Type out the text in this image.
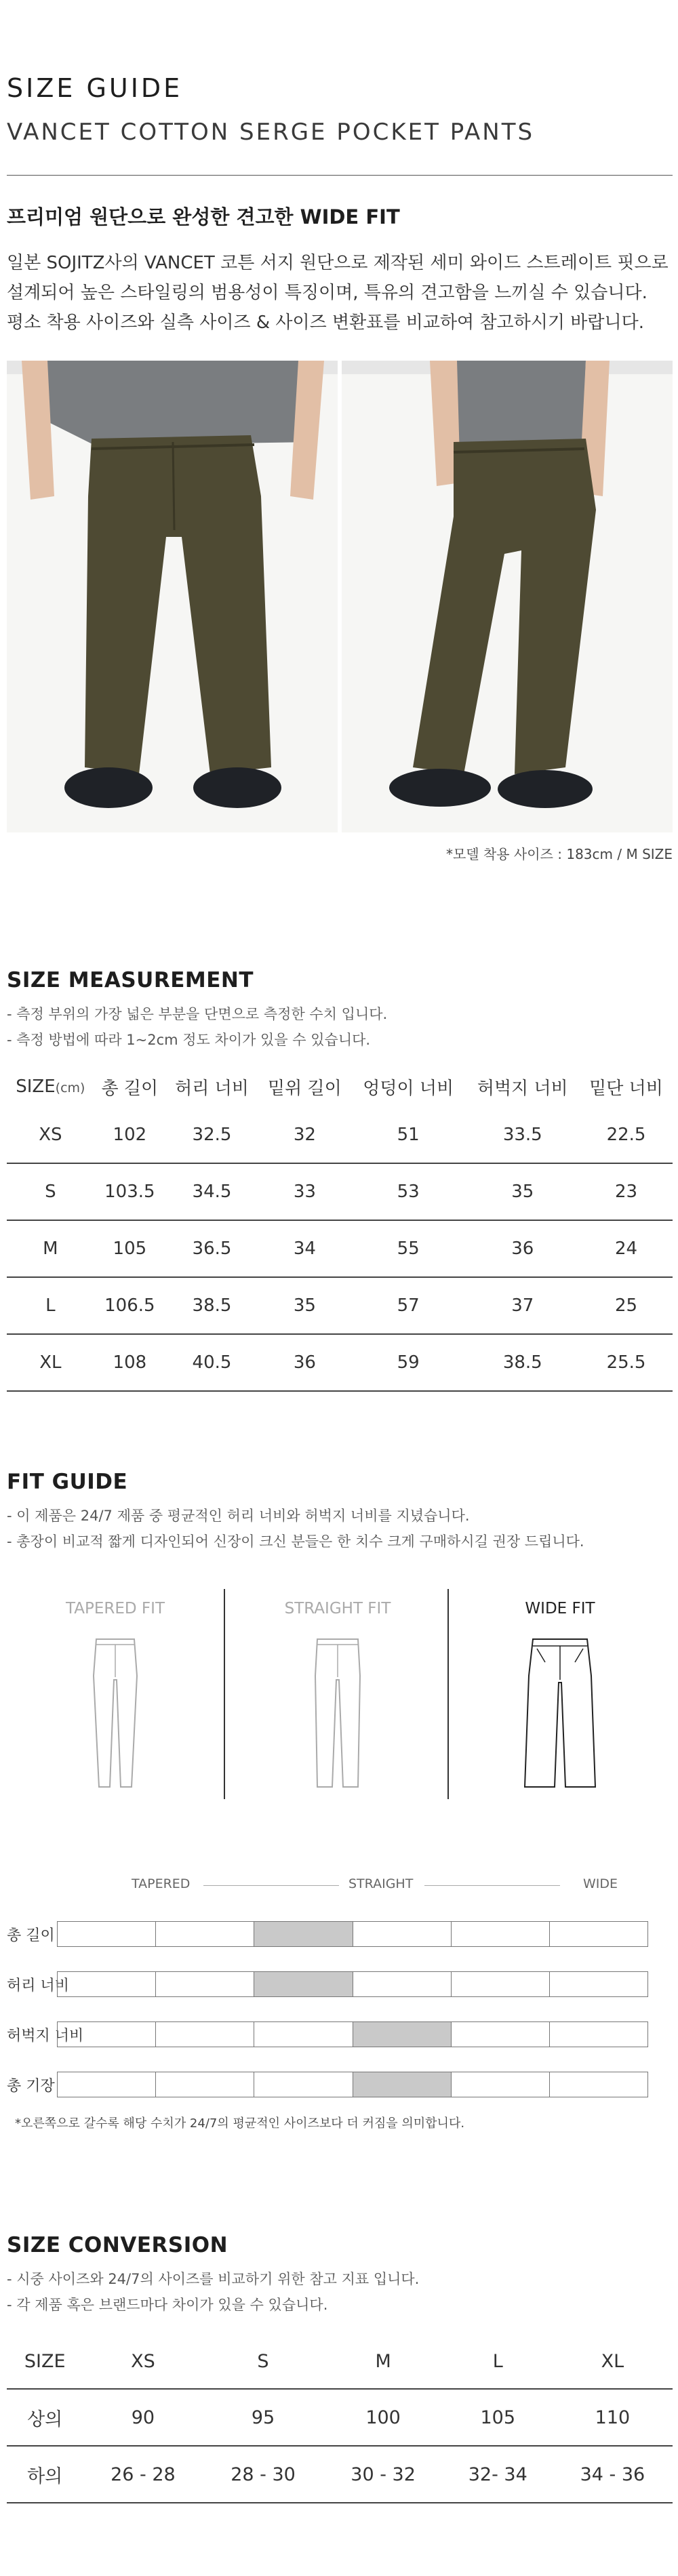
SIZE GUIDE
VANCET COTTON SERGE POCKET PANTS
프리미엄 원단으로 완성한 견고한 WIDE FIT
일본 SOJITZ사의 VANCET 코튼 서지 원단으로 제작된 세미 와이드 스트레이트 핏으로
설계되어 높은 스타일링의 범용성이 특징이며, 특유의 견고함을 느끼실 수 있습니다.
평소 착용 사이즈와 실측 사이즈 & 사이즈 변환표를 비교하여 참고하시기 바랍니다.
*모델 착용 사이즈 : 183cm / M SIZE
SIZE MEASUREMENT
- 측정 부위의 가장 넓은 부분을 단면으로 측정한 수치 입니다.
- 측정 방법에 따라 1~2cm 정도 차이가 있을 수 있습니다.
SIZE(cm)	총 길이	허리 너비	밑위 길이	엉덩이 너비	허벅지 너비	밑단 너비
XS	102	32.5	32	51	33.5	22.5
S	103.5	34.5	33	53	35	23
M	105	36.5	34	55	36	24
L	106.5	38.5	35	57	37	25
XL	108	40.5	36	59	38.5	25.5
FIT GUIDE
- 이 제품은 24/7 제품 중 평균적인 허리 너비와 허벅지 너비를 지녔습니다.
- 총장이 비교적 짧게 디자인되어 신장이 크신 분들은 한 치수 크게 구매하시길 권장 드립니다.
TAPERED FIT	STRAIGHT FIT	WIDE FIT
TAPERED	STRAIGHT	WIDE
총 길이
허리 너비
허벅지 너비
총 기장
*오른쪽으로 갈수록 해당 수치가 24/7의 평균적인 사이즈보다 더 커짐을 의미합니다.
SIZE CONVERSION
- 시중 사이즈와 24/7의 사이즈를 비교하기 위한 참고 지표 입니다.
- 각 제품 혹은 브랜드마다 차이가 있을 수 있습니다.
SIZE	XS	S	M	L	XL
상의	90	95	100	105	110
하의	26 - 28	28 - 30	30 - 32	32- 34	34 - 36
